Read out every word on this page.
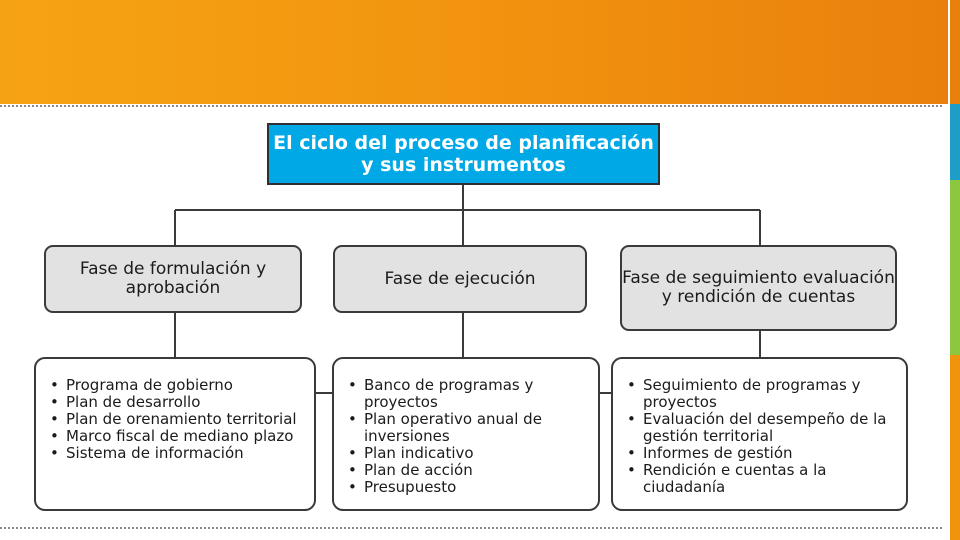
El ciclo del proceso de planificación y sus instrumentos
Fase de formulación y aprobación	Fase de ejecución	Fase de seguimiento evaluación y rendición de cuentas
• Programa de gobierno
• Plan de desarrollo
• Plan de orenamiento territorial
• Marco fiscal de mediano plazo
• Sistema de información
• Banco de programas y proyectos
• Plan operativo anual de inversiones
• Plan indicativo
• Plan de acción
• Presupuesto
• Seguimiento de programas y proyectos
• Evaluación del desempeño de la gestión territorial
• Informes de gestión
• Rendición e cuentas a la ciudadanía
